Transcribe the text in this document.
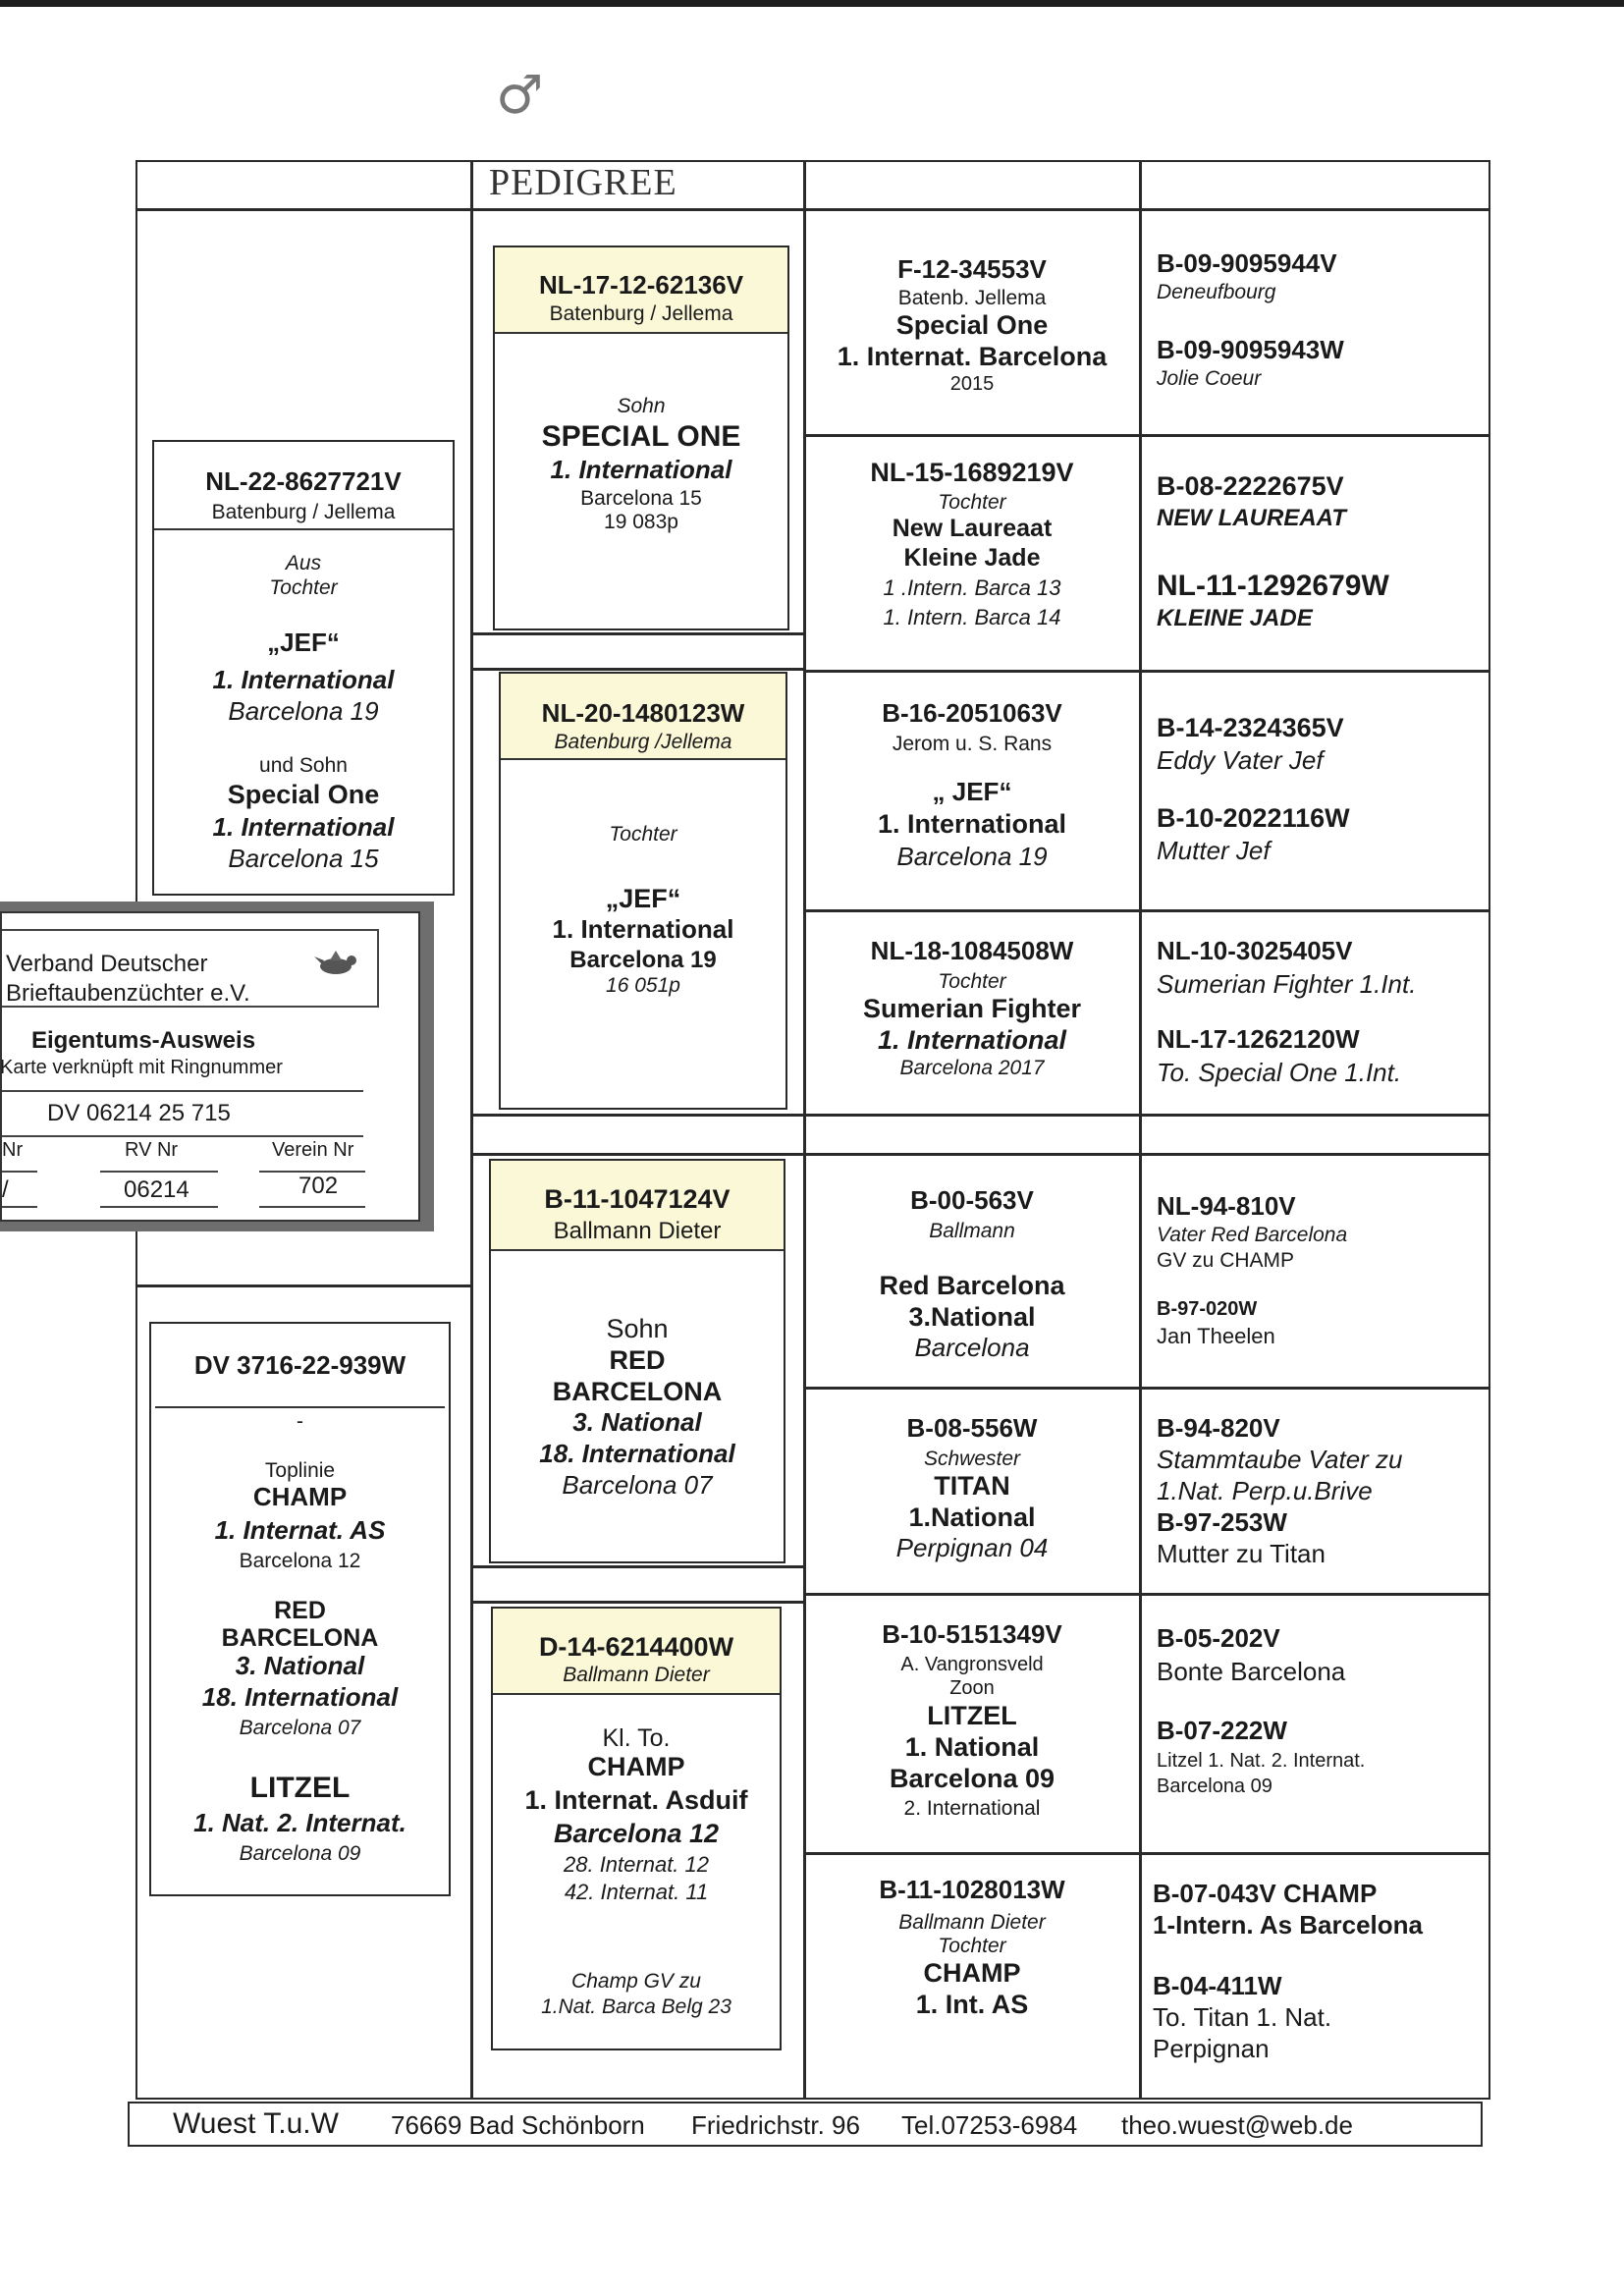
♂
PEDIGREE
NL-22-8627721V
Batenburg / Jellema
Aus
Tochter
„JEF“
1. International
Barcelona 19
und Sohn
Special One
1. International
Barcelona 15
DV 3716-22-939W
-
Toplinie
CHAMP
1. Internat. AS
Barcelona 12
RED
BARCELONA
3. National
18. International
Barcelona 07
LITZEL
1. Nat. 2. Internat.
Barcelona 09
NL-17-12-62136V
Batenburg / Jellema
Sohn
SPECIAL ONE
1. International
Barcelona 15
19 083p
NL-20-1480123W
Batenburg /Jellema
Tochter
„JEF“
1. International
Barcelona 19
16 051p
B-11-1047124V
Ballmann Dieter
Sohn
RED
BARCELONA
3. National
18. International
Barcelona 07
D-14-6214400W
Ballmann Dieter
Kl. To.
CHAMP
1. Internat. Asduif
Barcelona 12
28. Internat. 12
42. Internat. 11
Champ GV zu
1.Nat. Barca Belg 23
F-12-34553V
Batenb. Jellema
Special One
1. Internat. Barcelona
2015
NL-15-1689219V
Tochter
New Laureaat
Kleine Jade
1 .Intern. Barca 13
1. Intern. Barca 14
B-16-2051063V
Jerom u. S. Rans
„ JEF“
1. International
Barcelona 19
NL-18-1084508W
Tochter
Sumerian Fighter
1. International
Barcelona 2017
B-00-563V
Ballmann
Red Barcelona
3.National
Barcelona
B-08-556W
Schwester
TITAN
1.National
Perpignan 04
B-10-5151349V
A. Vangronsveld
Zoon
LITZEL
1. National
Barcelona 09
2. International
B-11-1028013W
Ballmann Dieter
Tochter
CHAMP
1. Int. AS
B-09-9095944V
Deneufbourg
B-09-9095943W
Jolie Coeur
B-08-2222675V
NEW LAUREAAT
NL-11-1292679W
KLEINE JADE
B-14-2324365V
Eddy Vater Jef
B-10-2022116W
Mutter Jef
NL-10-3025405V
Sumerian Fighter 1.Int.
NL-17-1262120W
To. Special One 1.Int.
NL-94-810V
Vater Red Barcelona
GV zu CHAMP
B-97-020W
Jan Theelen
B-94-820V
Stammtaube Vater zu
1.Nat. Perp.u.Brive
B-97-253W
Mutter zu Titan
B-05-202V
Bonte Barcelona
B-07-222W
Litzel 1. Nat. 2. Internat.
Barcelona 09
B-07-043V CHAMP
1-Intern. As Barcelona
B-04-411W
To. Titan 1. Nat.
Perpignan
Verband Deutscher
Brieftaubenzüchter e.V.
Eigentums-Ausweis
Karte verknüpft mit Ringnummer
DV 06214 25 715
Nr	RV Nr	Verein Nr
/	06214	702
Wuest T.u.W 76669 Bad Schönborn Friedrichstr. 96 Tel.07253-6984 theo.wuest@web.de
